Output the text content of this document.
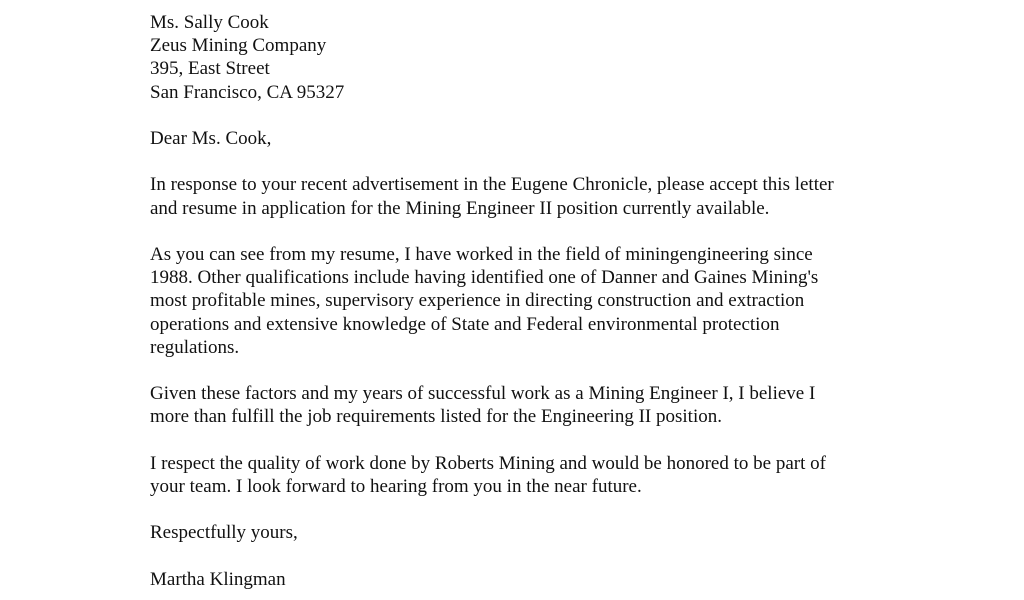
Ms. Sally Cook
Zeus Mining Company
395, East Street
San Francisco, CA 95327
Dear Ms. Cook,
In response to your recent advertisement in the Eugene Chronicle, please accept this letter
and resume in application for the Mining Engineer II position currently available.
As you can see from my resume, I have worked in the field of miningengineering since
1988. Other qualifications include having identified one of Danner and Gaines Mining's
most profitable mines, supervisory experience in directing construction and extraction
operations and extensive knowledge of State and Federal environmental protection
regulations.
Given these factors and my years of successful work as a Mining Engineer I, I believe I
more than fulfill the job requirements listed for the Engineering II position.
I respect the quality of work done by Roberts Mining and would be honored to be part of
your team. I look forward to hearing from you in the near future.
Respectfully yours,
Martha Klingman
